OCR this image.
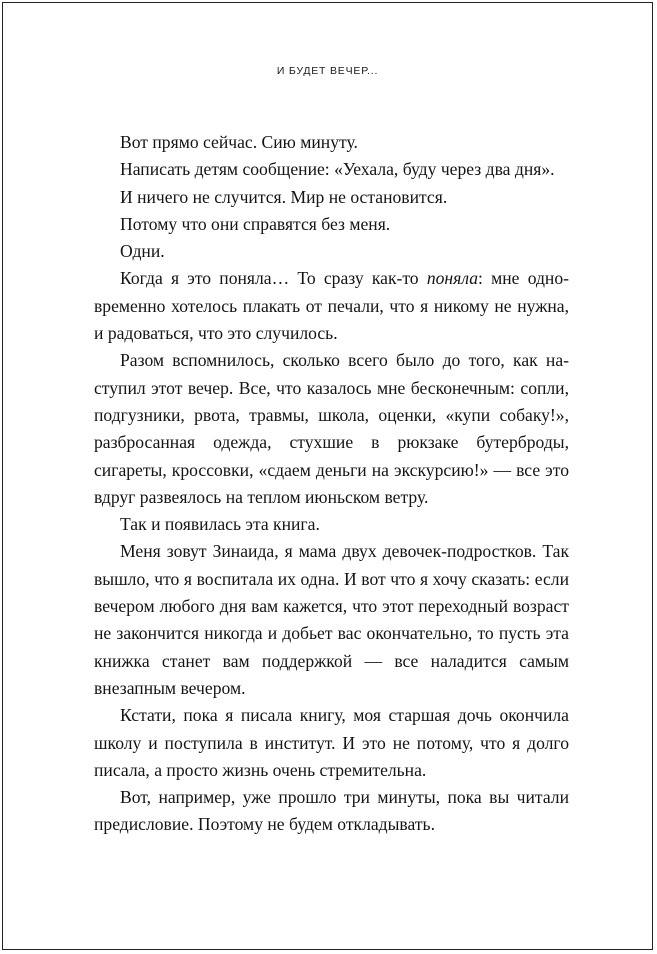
И БУДЕТ ВЕЧЕР...

Вот прямо сейчас. Сию минуту.

Написать детям сообщение: «Уехала, буду через два дня».

И ничего не случится. Мир не остановится.

Потому что они справятся без меня.

Одни.

Когда я это поняла… То сразу как-то поняла: мне одновременно хотелось плакать от печали, что я никому не нужна, и радоваться, что это случилось.

Разом вспомнилось, сколько всего было до того, как наступил этот вечер. Все, что казалось мне бесконечным: сопли, подгузники, рвота, травмы, школа, оценки, «купи собаку!», разбросанная одежда, стухшие в рюкзаке бутерброды, сигареты, кроссовки, «сдаем деньги на экскурсию!» — все это вдруг развеялось на теплом июньском ветру.

Так и появилась эта книга.

Меня зовут Зинаида, я мама двух девочек-подростков. Так вышло, что я воспитала их одна. И вот что я хочу сказать: если вечером любого дня вам кажется, что этот переходный возраст не закончится никогда и добьет вас окончательно, то пусть эта книжка станет вам поддержкой — все наладится самым внезапным вечером.

Кстати, пока я писала книгу, моя старшая дочь окончила школу и поступила в институт. И это не потому, что я долго писала, а просто жизнь очень стремительна.

Вот, например, уже прошло три минуты, пока вы читали предисловие. Поэтому не будем откладывать.
